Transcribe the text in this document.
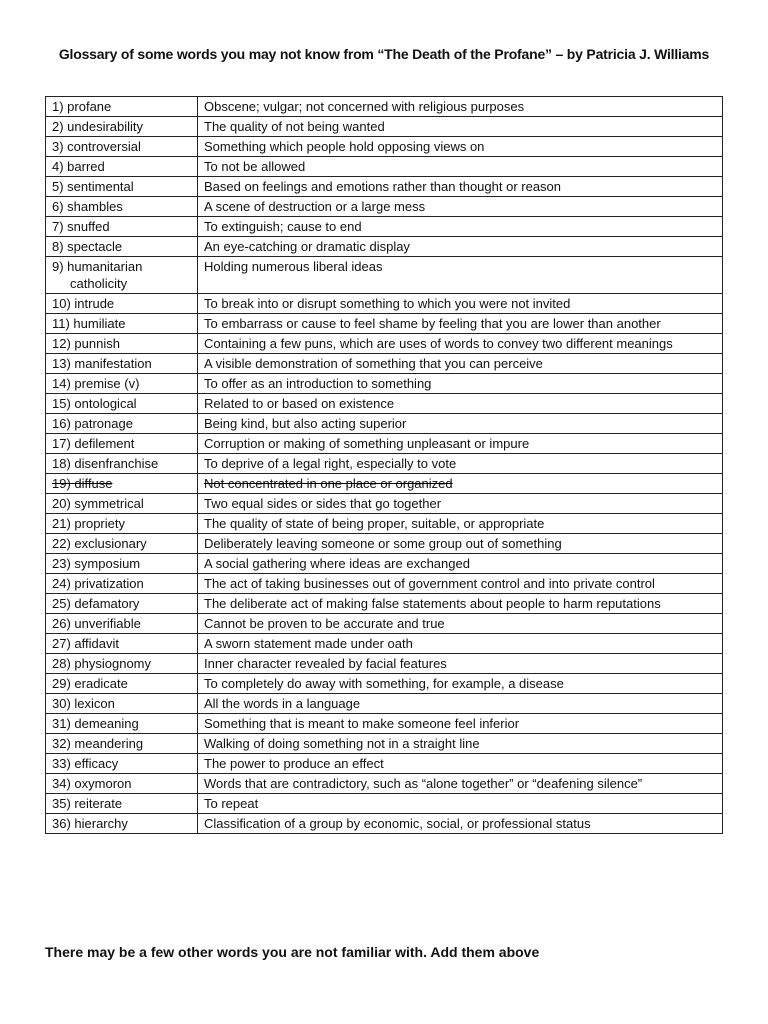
Glossary of some words you may not know from “The Death of the Profane” – by Patricia J. Williams
1) profane	Obscene; vulgar; not concerned with religious purposes
2) undesirability	The quality of not being wanted
3) controversial	Something which people hold opposing views on
4) barred	To not be allowed
5) sentimental	Based on feelings and emotions rather than thought or reason
6) shambles	A scene of destruction or a large mess
7) snuffed	To extinguish; cause to end
8) spectacle	An eye-catching or dramatic display
9) humanitarian
catholicity	Holding numerous liberal ideas
10) intrude	To break into or disrupt something to which you were not invited
11) humiliate	To embarrass or cause to feel shame by feeling that you are lower than another
12) punnish	Containing a few puns, which are uses of words to convey two different meanings
13) manifestation	A visible demonstration of something that you can perceive
14) premise (v)	To offer as an introduction to something
15) ontological	Related to or based on existence
16) patronage	Being kind, but also acting superior
17) defilement	Corruption or making of something unpleasant or impure
18) disenfranchise	To deprive of a legal right, especially to vote
19) diffuse	Not concentrated in one place or organized
20) symmetrical	Two equal sides or sides that go together
21) propriety	The quality of state of being proper, suitable, or appropriate
22) exclusionary	Deliberately leaving someone or some group out of something
23) symposium	A social gathering where ideas are exchanged
24) privatization	The act of taking businesses out of government control and into private control
25) defamatory	The deliberate act of making false statements about people to harm reputations
26) unverifiable	Cannot be proven to be accurate and true
27) affidavit	A sworn statement made under oath
28) physiognomy	Inner character revealed by facial features
29) eradicate	To completely do away with something, for example, a disease
30) lexicon	All the words in a language
31) demeaning	Something that is meant to make someone feel inferior
32) meandering	Walking of doing something not in a straight line
33) efficacy	The power to produce an effect
34) oxymoron	Words that are contradictory, such as “alone together” or “deafening silence”
35) reiterate	To repeat
36) hierarchy	Classification of a group by economic, social, or professional status
There may be a few other words you are not familiar with. Add them above
